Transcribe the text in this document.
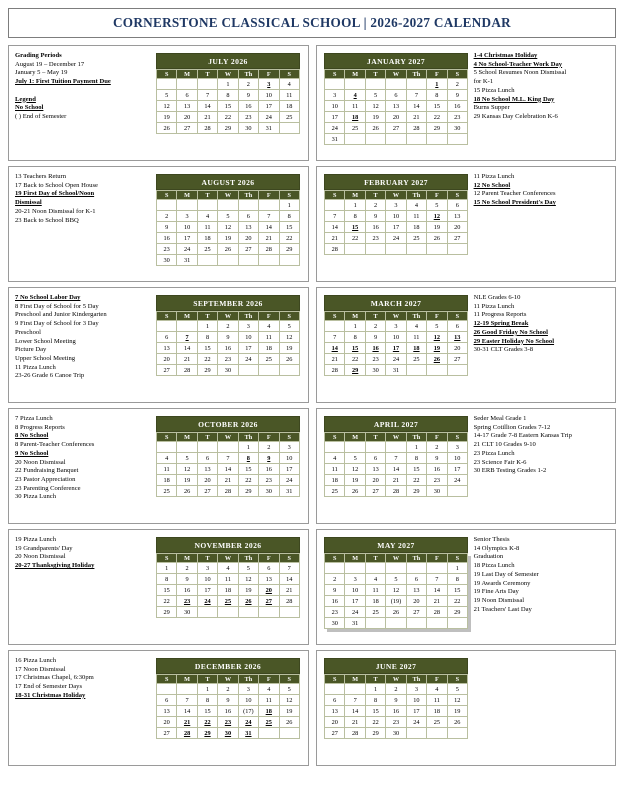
CORNERSTONE CLASSICAL SCHOOL | 2026-2027 CALENDAR
Grading Periods
August 19 – December 17
January 5 – May 19
July 1: First Tuition Payment Due

Legend
No School
( ) End of Semester
JULY 2026
S	M	T	W	Th	F	S
			1	2	3	4
5	6	7	8	9	10	11
12	13	14	15	16	17	18
19	20	21	22	23	24	25
26	27	28	29	30	31	
JANUARY 2027
S	M	T	W	Th	F	S
					1	2
3	4	5	6	7	8	9
10	11	12	13	14	15	16
17	18	19	20	21	22	23
24	25	26	27	28	29	30
31						
1-4 Christmas Holiday
4 No School-Teacher Work Day
5 School Resumes Noon Dismissal
for K-1
15 Pizza Lunch
18 No School M.L. King Day
Burns Supper
29 Kansas Day Celebration K-6
13 Teachers Return
17 Back to School Open House
19 First Day of School/Noon
Dismissal
20-21 Noon Dismissal for K-1
23 Back to School BBQ
AUGUST 2026
S	M	T	W	Th	F	S
						1
2	3	4	5	6	7	8
9	10	11	12	13	14	15
16	17	18	19	20	21	22
23	24	25	26	27	28	29
30	31					
FEBRUARY 2027
S	M	T	W	Th	F	S
	1	2	3	4	5	6
7	8	9	10	11	12	13
14	15	16	17	18	19	20
21	22	23	24	25	26	27
28						
11 Pizza Lunch
12 No School
12 Parent Teacher Conferences
15 No School President's Day
7 No School Labor Day
8 First Day of School for 5 Day
Preschool and Junior Kindergarten
9 First Day of School for 3 Day
Preschool
Lower School Meeting
Picture Day
Upper School Meeting
11 Pizza Lunch
23-26 Grade 6 Canoe Trip
SEPTEMBER 2026
S	M	T	W	Th	F	S
		1	2	3	4	5
6	7	8	9	10	11	12
13	14	15	16	17	18	19
20	21	22	23	24	25	26
27	28	29	30			
MARCH 2027
S	M	T	W	Th	F	S
	1	2	3	4	5	6
7	8	9	10	11	12	13
14	15	16	17	18	19	20
21	22	23	24	25	26	27
28	29	30	31			
NLE Grades 6-10
11 Pizza Lunch
11 Progress Reports
12-19 Spring Break
26 Good Friday No School
29 Easter Holiday No School
30-31 CLT Grades 3-8
7 Pizza Lunch
8 Progress Reports
8 No School
8 Parent-Teacher Conferences
9 No School
20 Noon Dismissal
22 Fundraising Banquet
23 Pastor Appreciation
23 Parenting Conference
30 Pizza Lunch
OCTOBER 2026
S	M	T	W	Th	F	S
				1	2	3
4	5	6	7	8	9	10
11	12	13	14	15	16	17
18	19	20	21	22	23	24
25	26	27	28	29	30	31
APRIL 2027
S	M	T	W	Th	F	S
				1	2	3
4	5	6	7	8	9	10
11	12	13	14	15	16	17
18	19	20	21	22	23	24
25	26	27	28	29	30	
Seder Meal Grade 1
Spring Cotillion Grades 7-12
14-17 Grade 7-8 Eastern Kansas Trip
21 CLT 10 Grades 9-10
23 Pizza Lunch
23 Science Fair K-6
30 ERB Testing Grades 1-2
19 Pizza Lunch
19 Grandparents' Day
20 Noon Dismissal
20-27 Thanksgiving Holiday
NOVEMBER 2026
S	M	T	W	Th	F	S
1	2	3	4	5	6	7
8	9	10	11	12	13	14
15	16	17	18	19	20	21
22	23	24	25	26	27	28
29	30					
MAY 2027
S	M	T	W	Th	F	S
						1
2	3	4	5	6	7	8
9	10	11	12	13	14	15
16	17	18	(19)	20	21	22
23	24	25	26	27	28	29
30	31					
Senior Thesis
14 Olympics K-8
Graduation
18 Pizza Lunch
19 Last Day of Semester
19 Awards Ceremony
19 Fine Arts Day
19 Noon Dismissal
21 Teachers' Last Day
16 Pizza Lunch
17 Noon Dismissal
17 Christmas Chapel, 6:30pm
17 End of Semester Days
18-31 Christmas Holiday
DECEMBER 2026
S	M	T	W	Th	F	S
		1	2	3	4	5
6	7	8	9	10	11	12
13	14	15	16	(17)	18	19
20	21	22	23	24	25	26
27	28	29	30	31		
JUNE 2027
S	M	T	W	Th	F	S
		1	2	3	4	5
6	7	8	9	10	11	12
13	14	15	16	17	18	19
20	21	22	23	24	25	26
27	28	29	30			
